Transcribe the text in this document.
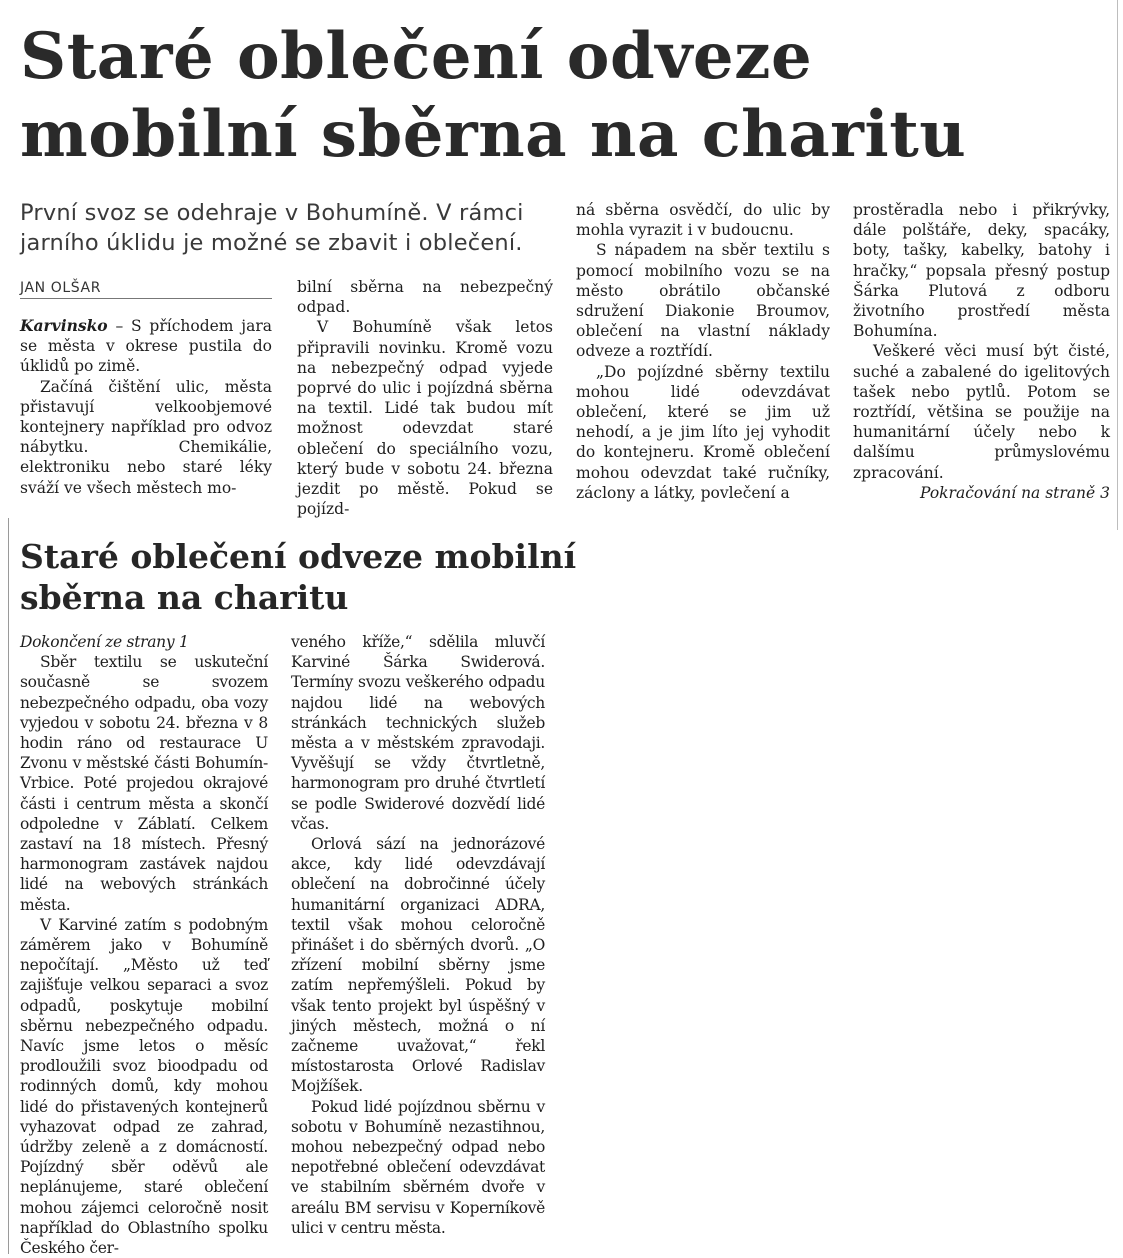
Staré oblečení odveze mobilní sběrna na charitu

První svoz se odehraje v Bohumíně. V rámci jarního úklidu je možné se zbavit i oblečení.

JAN OLŠAR

Karvinsko – S příchodem jara se města v okrese pustila do úklidů po zimě.

Začíná čištění ulic, města přistavují velkoobjemové kontejnery například pro odvoz nábytku. Chemikálie, elektroniku nebo staré léky sváží ve všech městech mo-

bilní sběrna na nebezpečný odpad.

V Bohumíně však letos připravili novinku. Kromě vozu na nebezpečný odpad vyjede poprvé do ulic i pojízdná sběrna na textil. Lidé tak budou mít možnost odevzdat staré oblečení do speciálního vozu, který bude v sobotu 24. března jezdit po městě. Pokud se pojízd-

ná sběrna osvědčí, do ulic by mohla vyrazit i v budoucnu.

S nápadem na sběr textilu s pomocí mobilního vozu se na město obrátilo občanské sdružení Diakonie Broumov, oblečení na vlastní náklady odveze a roztřídí.

„Do pojízdné sběrny textilu mohou lidé odevzdávat oblečení, které se jim už nehodí, a je jim líto jej vyhodit do kontejneru. Kromě oblečení mohou odevzdat také ručníky, záclony a látky, povlečení a

prostěradla nebo i přikrývky, dále polštáře, deky, spacáky, boty, tašky, kabelky, batohy i hračky,“ popsala přesný postup Šárka Plutová z odboru životního prostředí města Bohumína.

Veškeré věci musí být čisté, suché a zabalené do igelitových tašek nebo pytlů. Potom se roztřídí, většina se použije na humanitární účely nebo k dalšímu průmyslovému zpracování.

Pokračování na straně 3

Staré oblečení odveze mobilní sběrna na charitu

Dokončení ze strany 1

Sběr textilu se uskuteční současně se svozem nebezpečného odpadu, oba vozy vyjedou v sobotu 24. března v 8 hodin ráno od restaurace U Zvonu v městské části Bohumín-Vrbice. Poté projedou okrajové části i centrum města a skončí odpoledne v Záblatí. Celkem zastaví na 18 místech. Přesný harmonogram zastávek najdou lidé na webových stránkách města.

V Karviné zatím s podobným záměrem jako v Bohumíně nepočítají. „Město už teď zajišťuje velkou separaci a svoz odpadů, poskytuje mobilní sběrnu nebezpečného odpadu. Navíc jsme letos o měsíc prodloužili svoz bioodpadu od rodinných domů, kdy mohou lidé do přistavených kontejnerů vyhazovat odpad ze zahrad, údržby zeleně a z domácností. Pojízdný sběr oděvů ale neplánujeme, staré oblečení mohou zájemci celoročně nosit například do Oblastního spolku Českého čer-

veného kříže,“ sdělila mluvčí Karviné Šárka Swiderová. Termíny svozu veškerého odpadu najdou lidé na webových stránkách technických služeb města a v městském zpravodaji. Vyvěšují se vždy čtvrtletně, harmonogram pro druhé čtvrtletí se podle Swiderové dozvědí lidé včas.

Orlová sází na jednorázové akce, kdy lidé odevzdávají oblečení na dobročinné účely humanitární organizaci ADRA, textil však mohou celoročně přinášet i do sběrných dvorů. „O zřízení mobilní sběrny jsme zatím nepřemýšleli. Pokud by však tento projekt byl úspěšný v jiných městech, možná o ní začneme uvažovat,“ řekl místostarosta Orlové Radislav Mojžíšek.

Pokud lidé pojízdnou sběrnu v sobotu v Bohumíně nezastihnou, mohou nebezpečný odpad nebo nepotřebné oblečení odevzdávat ve stabilním sběrném dvoře v areálu BM servisu v Koperníkově ulici v centru města.
